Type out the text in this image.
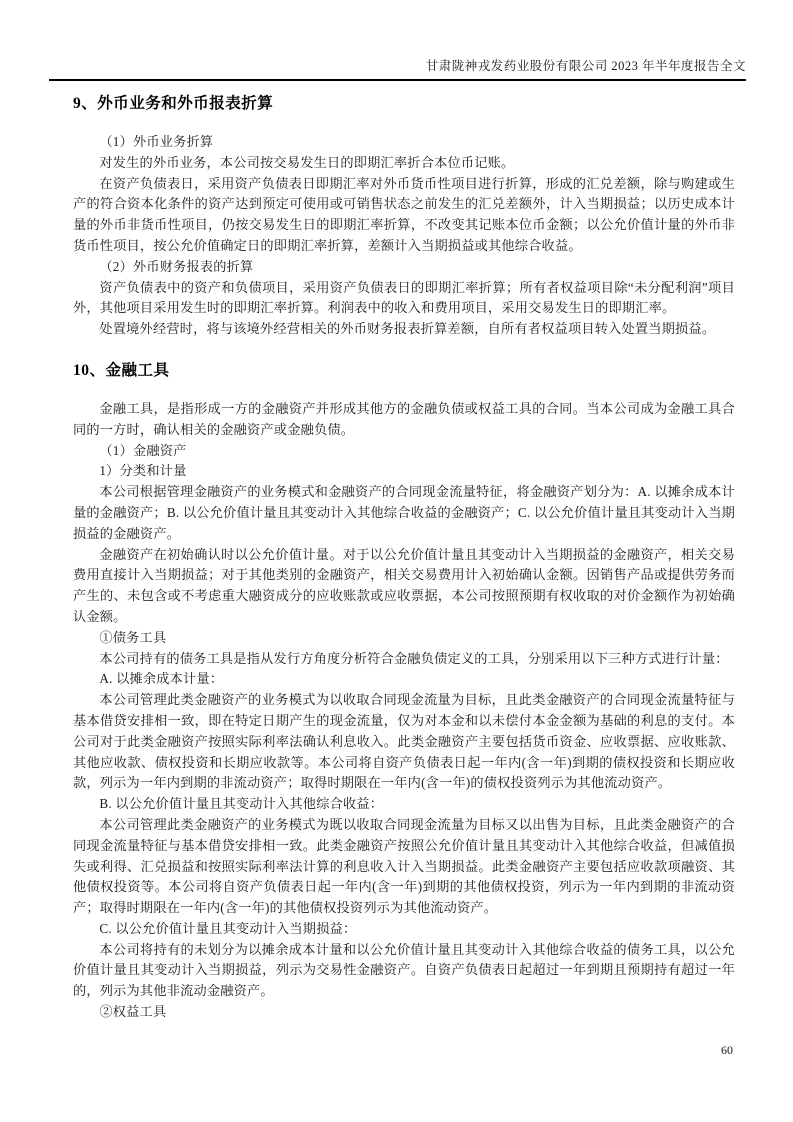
甘肃陇神戎发药业股份有限公司 2023 年半年度报告全文
9、外币业务和外币报表折算

（1）外币业务折算

对发生的外币业务，本公司按交易发生日的即期汇率折合本位币记账。

在资产负债表日，采用资产负债表日即期汇率对外币货币性项目进行折算，形成的汇兑差额，除与购建或生产的符合资本化条件的资产达到预定可使用或可销售状态之前发生的汇兑差额外，计入当期损益；以历史成本计量的外币非货币性项目，仍按交易发生日的即期汇率折算，不改变其记账本位币金额；以公允价值计量的外币非货币性项目，按公允价值确定日的即期汇率折算，差额计入当期损益或其他综合收益。

（2）外币财务报表的折算

资产负债表中的资产和负债项目，采用资产负债表日的即期汇率折算；所有者权益项目除“未分配利润”项目外，其他项目采用发生时的即期汇率折算。利润表中的收入和费用项目，采用交易发生日的即期汇率。

处置境外经营时，将与该境外经营相关的外币财务报表折算差额，自所有者权益项目转入处置当期损益。

10、金融工具

金融工具，是指形成一方的金融资产并形成其他方的金融负债或权益工具的合同。当本公司成为金融工具合同的一方时，确认相关的金融资产或金融负债。

（1）金融资产

1）分类和计量

本公司根据管理金融资产的业务模式和金融资产的合同现金流量特征，将金融资产划分为：A. 以摊余成本计量的金融资产；B. 以公允价值计量且其变动计入其他综合收益的金融资产；C. 以公允价值计量且其变动计入当期损益的金融资产。

金融资产在初始确认时以公允价值计量。对于以公允价值计量且其变动计入当期损益的金融资产，相关交易费用直接计入当期损益；对于其他类别的金融资产，相关交易费用计入初始确认金额。因销售产品或提供劳务而产生的、未包含或不考虑重大融资成分的应收账款或应收票据，本公司按照预期有权收取的对价金额作为初始确认金额。

①债务工具

本公司持有的债务工具是指从发行方角度分析符合金融负债定义的工具，分别采用以下三种方式进行计量：

A. 以摊余成本计量：

本公司管理此类金融资产的业务模式为以收取合同现金流量为目标，且此类金融资产的合同现金流量特征与基本借贷安排相一致，即在特定日期产生的现金流量，仅为对本金和以未偿付本金金额为基础的利息的支付。本公司对于此类金融资产按照实际利率法确认利息收入。此类金融资产主要包括货币资金、应收票据、应收账款、其他应收款、债权投资和长期应收款等。本公司将自资产负债表日起一年内(含一年)到期的债权投资和长期应收款，列示为一年内到期的非流动资产；取得时期限在一年内(含一年)的债权投资列示为其他流动资产。

B. 以公允价值计量且其变动计入其他综合收益：

本公司管理此类金融资产的业务模式为既以收取合同现金流量为目标又以出售为目标，且此类金融资产的合同现金流量特征与基本借贷安排相一致。此类金融资产按照公允价值计量且其变动计入其他综合收益，但减值损失或利得、汇兑损益和按照实际利率法计算的利息收入计入当期损益。此类金融资产主要包括应收款项融资、其他债权投资等。本公司将自资产负债表日起一年内(含一年)到期的其他债权投资，列示为一年内到期的非流动资产；取得时期限在一年内(含一年)的其他债权投资列示为其他流动资产。

C. 以公允价值计量且其变动计入当期损益：

本公司将持有的未划分为以摊余成本计量和以公允价值计量且其变动计入其他综合收益的债务工具，以公允价值计量且其变动计入当期损益，列示为交易性金融资产。自资产负债表日起超过一年到期且预期持有超过一年的，列示为其他非流动金融资产。

②权益工具

60
